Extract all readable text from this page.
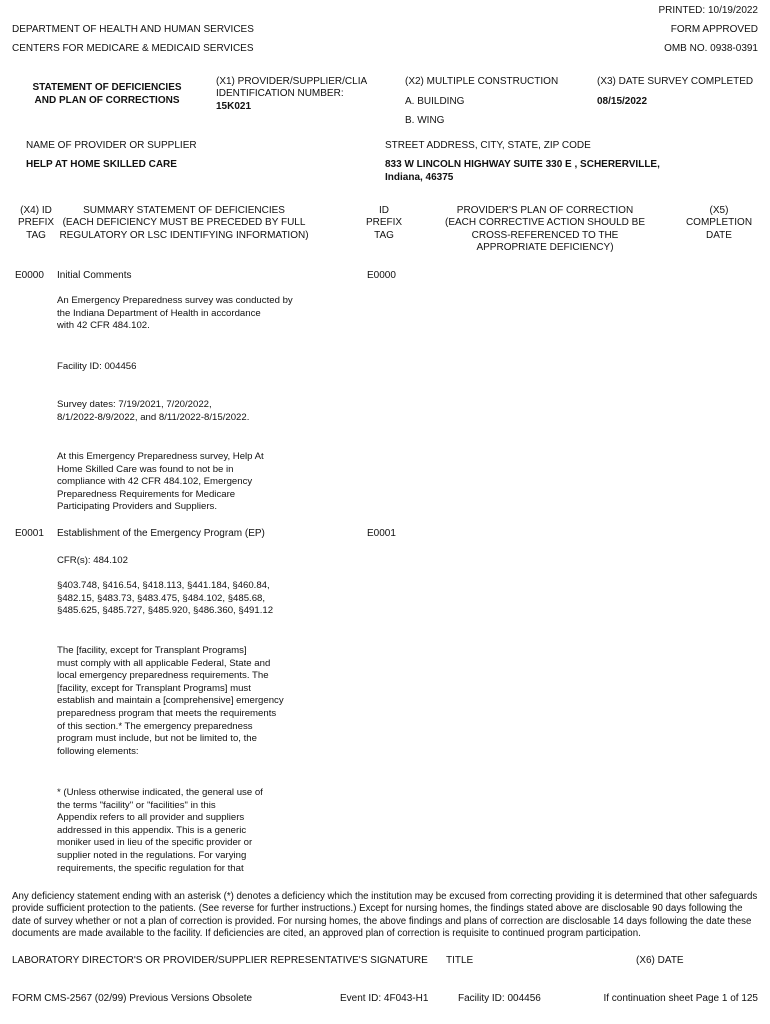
PRINTED: 10/19/2022
DEPARTMENT OF HEALTH AND HUMAN SERVICES	FORM APPROVED
CENTERS FOR MEDICARE & MEDICAID SERVICES	OMB NO. 0938-0391
STATEMENT OF DEFICIENCIES
AND PLAN OF CORRECTIONS
(X1) PROVIDER/SUPPLIER/CLIA
IDENTIFICATION NUMBER:
15K021
(X2) MULTIPLE CONSTRUCTION
A. BUILDING
B. WING
(X3) DATE SURVEY COMPLETED
08/15/2022
NAME OF PROVIDER OR SUPPLIER
HELP AT HOME SKILLED CARE
STREET ADDRESS, CITY, STATE, ZIP CODE
833 W LINCOLN HIGHWAY SUITE 330 E , SCHERERVILLE,
Indiana, 46375
(X4) ID
PREFIX
TAG
SUMMARY STATEMENT OF DEFICIENCIES
(EACH DEFICIENCY MUST BE PRECEDED BY FULL
REGULATORY OR LSC IDENTIFYING INFORMATION)
ID
PREFIX
TAG
PROVIDER'S PLAN OF CORRECTION
(EACH CORRECTIVE ACTION SHOULD BE
CROSS-REFERENCED TO THE
APPROPRIATE DEFICIENCY)
(X5)
COMPLETION
DATE
E0000 Initial Comments	E0000
An Emergency Preparedness survey was conducted by
the Indiana Department of Health in accordance
with 42 CFR 484.102.
Facility ID: 004456
Survey dates: 7/19/2021, 7/20/2022,
8/1/2022-8/9/2022, and 8/11/2022-8/15/2022.
At this Emergency Preparedness survey, Help At
Home Skilled Care was found to not be in
compliance with 42 CFR 484.102, Emergency
Preparedness Requirements for Medicare
Participating Providers and Suppliers.
E0001 Establishment of the Emergency Program (EP)	E0001
CFR(s): 484.102
§403.748, §416.54, §418.113, §441.184, §460.84,
§482.15, §483.73, §483.475, §484.102, §485.68,
§485.625, §485.727, §485.920, §486.360, §491.12
The [facility, except for Transplant Programs]
must comply with all applicable Federal, State and
local emergency preparedness requirements. The
[facility, except for Transplant Programs] must
establish and maintain a [comprehensive] emergency
preparedness program that meets the requirements
of this section.* The emergency preparedness
program must include, but not be limited to, the
following elements:
* (Unless otherwise indicated, the general use of
the terms "facility" or "facilities" in this
Appendix refers to all provider and suppliers
addressed in this appendix. This is a generic
moniker used in lieu of the specific provider or
supplier noted in the regulations. For varying
requirements, the specific regulation for that
Any deficiency statement ending with an asterisk (*) denotes a deficiency which the institution may be excused from correcting providing it is determined that other safeguards provide sufficient protection to the patients. (See reverse for further instructions.) Except for nursing homes, the findings stated above are disclosable 90 days following the date of survey whether or not a plan of correction is provided. For nursing homes, the above findings and plans of correction are disclosable 14 days following the date these documents are made available to the facility. If deficiencies are cited, an approved plan of correction is requisite to continued program participation.
LABORATORY DIRECTOR'S OR PROVIDER/SUPPLIER REPRESENTATIVE'S SIGNATURE TITLE	(X6) DATE
FORM CMS-2567 (02/99) Previous Versions Obsolete	Event ID: 4F043-H1	Facility ID: 004456	If continuation sheet Page 1 of 125
